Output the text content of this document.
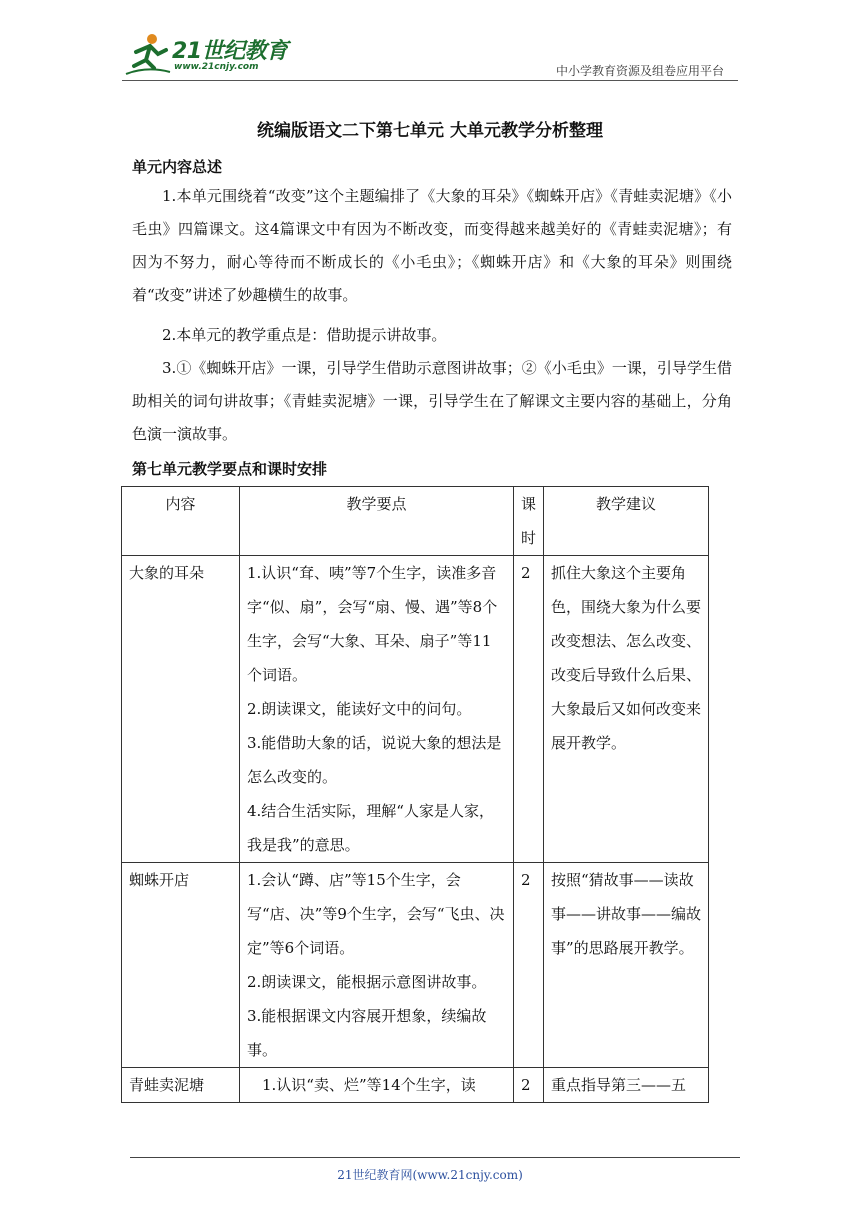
21世纪教育
www.21cnjy.com	中小学教育资源及组卷应用平台
统编版语文二下第七单元 大单元教学分析整理
单元内容总述
1.本单元围绕着“改变”这个主题编排了《大象的耳朵》《蜘蛛开店》《青蛙卖泥塘》《小毛虫》四篇课文。这4篇课文中有因为不断改变，而变得越来越美好的《青蛙卖泥塘》；有因为不努力，耐心等待而不断成长的《小毛虫》；《蜘蛛开店》和《大象的耳朵》则围绕着“改变”讲述了妙趣横生的故事。
2.本单元的教学重点是：借助提示讲故事。
3.①《蜘蛛开店》一课，引导学生借助示意图讲故事；②《小毛虫》一课，引导学生借助相关的词句讲故事；《青蛙卖泥塘》一课，引导学生在了解课文主要内容的基础上，分角色演一演故事。
第七单元教学要点和课时安排
内容	教学要点	课时	教学建议
大象的耳朵	1.认识“耷、咦”等7个生字，读准多音字“似、扇”，会写“扇、慢、遇”等8个生字，会写“大象、耳朵、扇子”等11个词语。
2.朗读课文，能读好文中的问句。
3.能借助大象的话，说说大象的想法是怎么改变的。
4.结合生活实际，理解“人家是人家，我是我”的意思。	2	抓住大象这个主要角色，围绕大象为什么要改变想法、怎么改变、改变后导致什么后果、大象最后又如何改变来展开教学。
蜘蛛开店	1.会认“蹲、店”等15个生字，会写“店、决”等9个生字，会写“飞虫、决定”等6个词语。
2.朗读课文，能根据示意图讲故事。
3.能根据课文内容展开想象，续编故事。	2	按照“猜故事——读故事——讲故事——编故事”的思路展开教学。
青蛙卖泥塘	　1.认识“卖、烂”等14个生字，读	2	重点指导第三——五
21世纪教育网(www.21cnjy.com)
